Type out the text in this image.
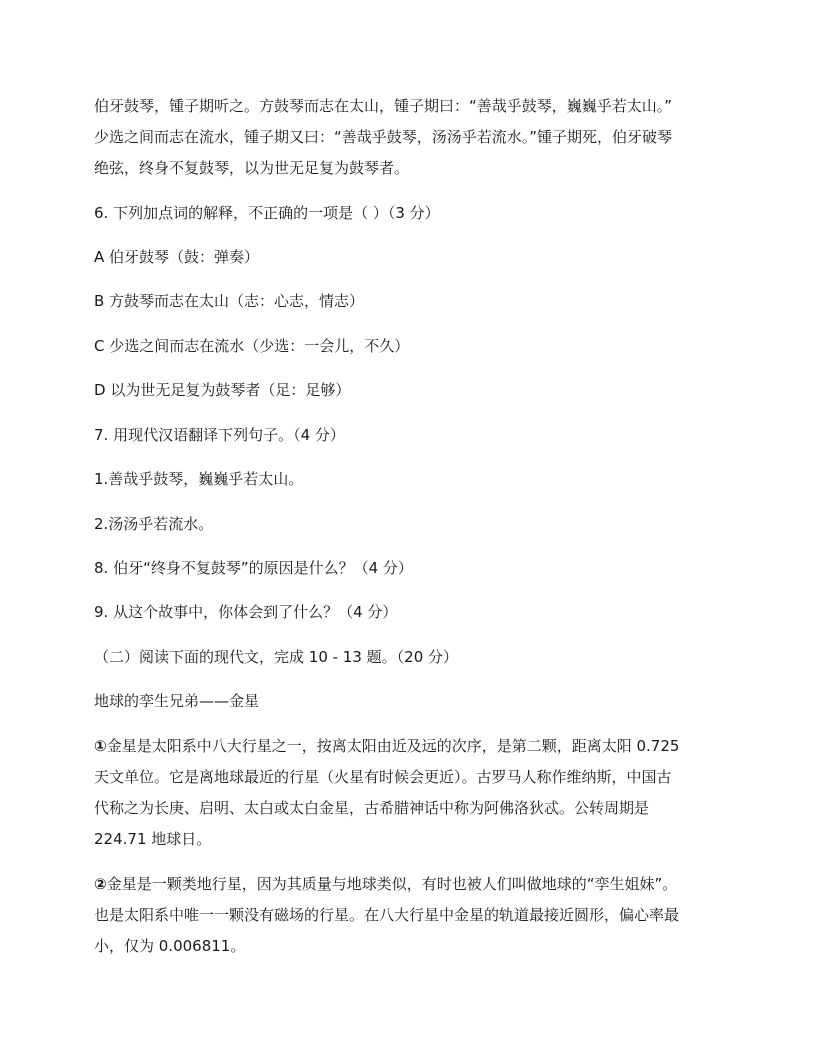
伯牙鼓琴，锺子期听之。方鼓琴而志在太山，锺子期曰：“善哉乎鼓琴，巍巍乎若太山。”
少选之间而志在流水，锺子期又曰：“善哉乎鼓琴，汤汤乎若流水。”锺子期死，伯牙破琴
绝弦，终身不复鼓琴，以为世无足复为鼓琴者。

6. 下列加点词的解释，不正确的一项是（ ）（3 分）

A 伯牙鼓琴（鼓：弹奏）

B 方鼓琴而志在太山（志：心志，情志）

C 少选之间而志在流水（少选：一会儿，不久）

D 以为世无足复为鼓琴者（足：足够）

7. 用现代汉语翻译下列句子。（4 分）

1.善哉乎鼓琴，巍巍乎若太山。

2.汤汤乎若流水。

8. 伯牙“终身不复鼓琴”的原因是什么？（4 分）

9. 从这个故事中，你体会到了什么？（4 分）

（二）阅读下面的现代文，完成 10 - 13 题。（20 分）

地球的孪生兄弟——金星

①金星是太阳系中八大行星之一，按离太阳由近及远的次序，是第二颗，距离太阳 0.725
天文单位。它是离地球最近的行星（火星有时候会更近）。古罗马人称作维纳斯，中国古
代称之为长庚、启明、太白或太白金星，古希腊神话中称为阿佛洛狄忒。公转周期是
224.71 地球日。
②金星是一颗类地行星，因为其质量与地球类似，有时也被人们叫做地球的“孪生姐妹”。
也是太阳系中唯一一颗没有磁场的行星。在八大行星中金星的轨道最接近圆形，偏心率最
小，仅为 0.006811。
